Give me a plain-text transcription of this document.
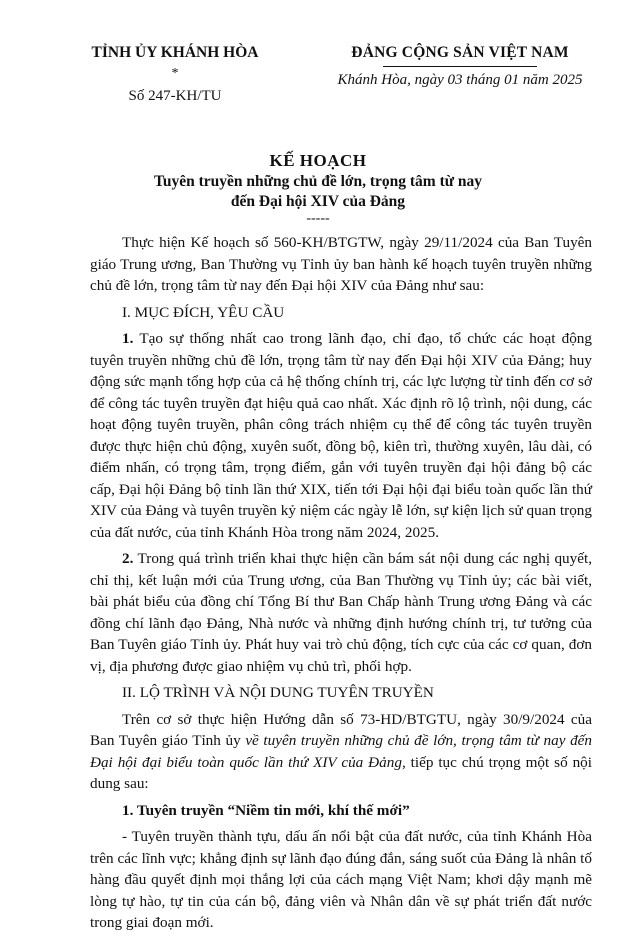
TỈNH ỦY KHÁNH HÒA
*
Số 247-KH/TU
ĐẢNG CỘNG SẢN VIỆT NAM
Khánh Hòa, ngày 03 tháng 01 năm 2025
KẾ HOẠCH
Tuyên truyền những chủ đề lớn, trọng tâm từ nay
đến Đại hội XIV của Đảng
-----

Thực hiện Kế hoạch số 560-KH/BTGTW, ngày 29/11/2024 của Ban Tuyên giáo Trung ương, Ban Thường vụ Tỉnh ủy ban hành kế hoạch tuyên truyền những chủ đề lớn, trọng tâm từ nay đến Đại hội XIV của Đảng như sau:

I. MỤC ĐÍCH, YÊU CẦU

1. Tạo sự thống nhất cao trong lãnh đạo, chỉ đạo, tổ chức các hoạt động tuyên truyền những chủ đề lớn, trọng tâm từ nay đến Đại hội XIV của Đảng; huy động sức mạnh tổng hợp của cả hệ thống chính trị, các lực lượng từ tỉnh đến cơ sở để công tác tuyên truyền đạt hiệu quả cao nhất. Xác định rõ lộ trình, nội dung, các hoạt động tuyên truyền, phân công trách nhiệm cụ thể để công tác tuyên truyền được thực hiện chủ động, xuyên suốt, đồng bộ, kiên trì, thường xuyên, lâu dài, có điểm nhấn, có trọng tâm, trọng điểm, gắn với tuyên truyền đại hội đảng bộ các cấp, Đại hội Đảng bộ tỉnh lần thứ XIX, tiến tới Đại hội đại biểu toàn quốc lần thứ XIV của Đảng và tuyên truyền kỷ niệm các ngày lễ lớn, sự kiện lịch sử quan trọng của đất nước, của tỉnh Khánh Hòa trong năm 2024, 2025.

2. Trong quá trình triển khai thực hiện cần bám sát nội dung các nghị quyết, chỉ thị, kết luận mới của Trung ương, của Ban Thường vụ Tỉnh ủy; các bài viết, bài phát biểu của đồng chí Tổng Bí thư Ban Chấp hành Trung ương Đảng và các đồng chí lãnh đạo Đảng, Nhà nước và những định hướng chính trị, tư tưởng của Ban Tuyên giáo Tỉnh ủy. Phát huy vai trò chủ động, tích cực của các cơ quan, đơn vị, địa phương được giao nhiệm vụ chủ trì, phối hợp.

II. LỘ TRÌNH VÀ NỘI DUNG TUYÊN TRUYỀN

Trên cơ sở thực hiện Hướng dẫn số 73-HD/BTGTU, ngày 30/9/2024 của Ban Tuyên giáo Tỉnh ủy về tuyên truyền những chủ đề lớn, trọng tâm từ nay đến Đại hội đại biểu toàn quốc lần thứ XIV của Đảng, tiếp tục chú trọng một số nội dung sau:

1. Tuyên truyền “Niềm tin mới, khí thế mới”

- Tuyên truyền thành tựu, dấu ấn nổi bật của đất nước, của tỉnh Khánh Hòa trên các lĩnh vực; khẳng định sự lãnh đạo đúng đắn, sáng suốt của Đảng là nhân tố hàng đầu quyết định mọi thắng lợi của cách mạng Việt Nam; khơi dậy mạnh mẽ lòng tự hào, tự tin của cán bộ, đảng viên và Nhân dân về sự phát triển đất nước trong giai đoạn mới.
